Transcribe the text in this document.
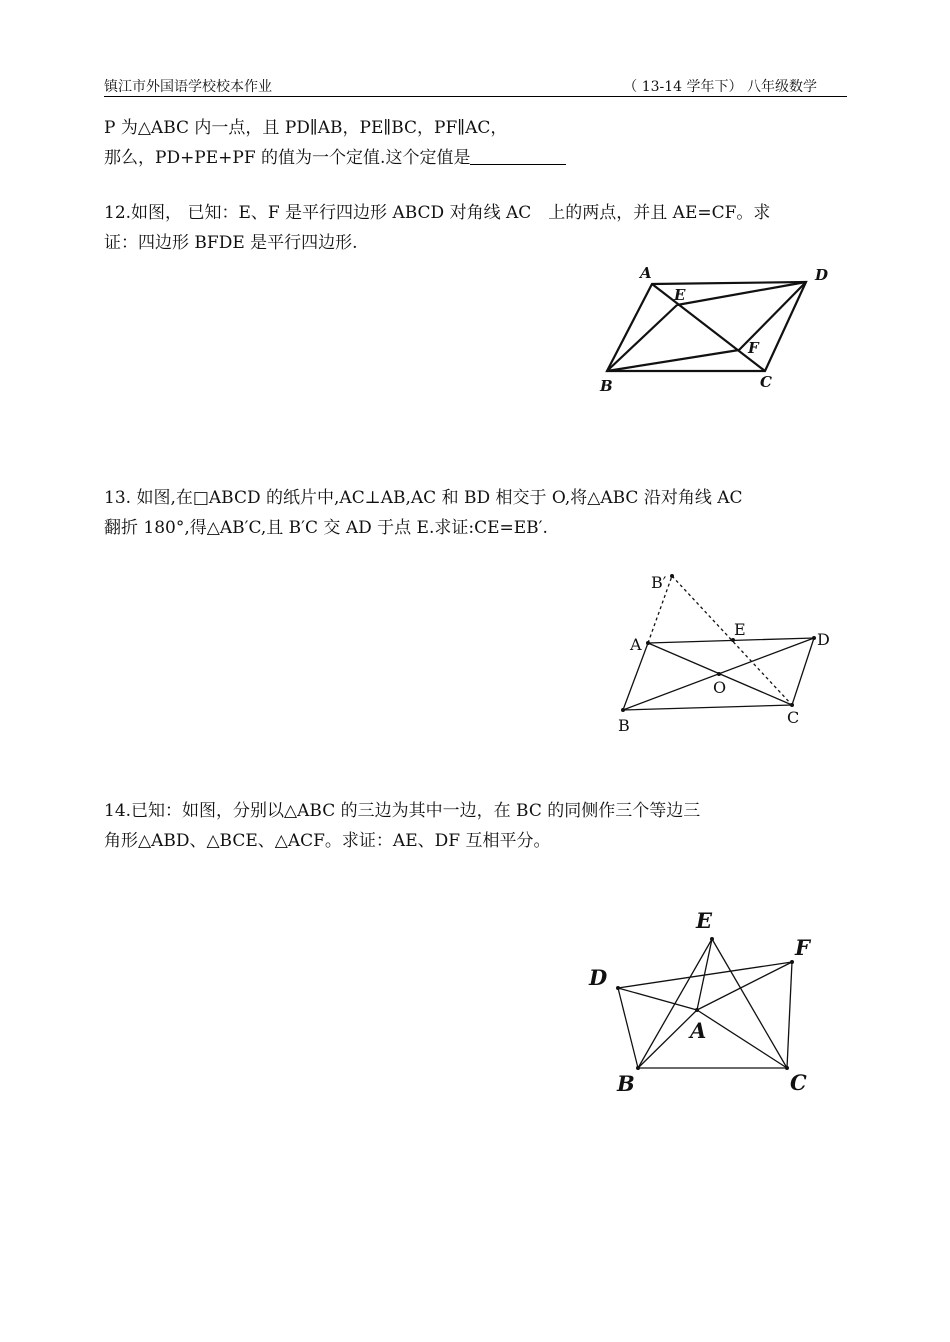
镇江市外国语学校校本作业	（ 13-14 学年下） 八年级数学
P 为△ABC 内一点，且 PD∥AB，PE∥BC，PF∥AC，
那么，PD+PE+PF 的值为一个定值.这个定值是
12.如图， 已知：E、F 是平行四边形 ABCD 对角线 AC　上的两点，并且 AE=CF。求
证：四边形 BFDE 是平行四边形.
A	D
E
F
B	C
13. 如图,在□ABCD 的纸片中,AC⊥AB,AC 和 BD 相交于 O,将△ABC 沿对角线 AC
翻折 180°,得△AB′C,且 B′C 交 AD 于点 E.求证:CE=EB′.
B′
A
E
D
O
B	C
14.已知：如图，分别以△ABC 的三边为其中一边，在 BC 的同侧作三个等边三
角形△ABD、△BCE、△ACF。求证：AE、DF 互相平分。
E
F
D
A
B	C
